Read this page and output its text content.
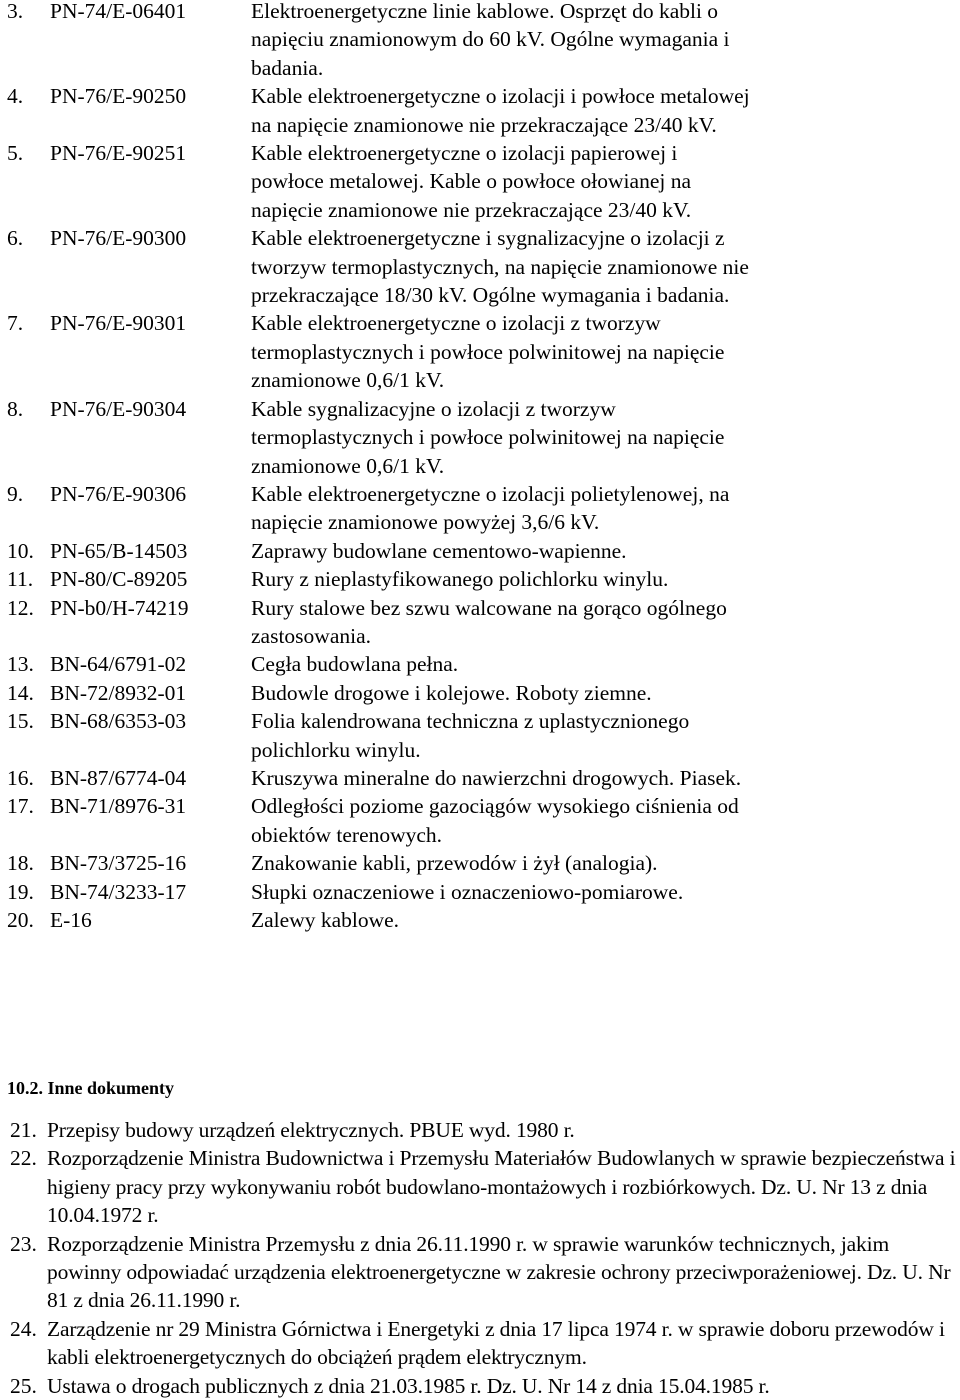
3.	PN-74/E-06401	Elektroenergetyczne linie kablowe. Osprzęt do kabli o napięciu znamionowym do 60 kV. Ogólne wymagania i badania.
4.	PN-76/E-90250	Kable elektroenergetyczne o izolacji i powłoce metalowej na napięcie znamionowe nie przekraczające 23/40 kV.
5.	PN-76/E-90251	Kable elektroenergetyczne o izolacji papierowej i powłoce metalowej. Kable o powłoce ołowianej na napięcie znamionowe nie przekraczające 23/40 kV.
6.	PN-76/E-90300	Kable elektroenergetyczne i sygnalizacyjne o izolacji z tworzyw termoplastycznych, na napięcie znamionowe nie przekraczające 18/30 kV. Ogólne wymagania i badania.
7.	PN-76/E-90301	Kable elektroenergetyczne o izolacji z tworzyw termoplastycznych i powłoce polwinitowej na napięcie znamionowe 0,6/1 kV.
8.	PN-76/E-90304	Kable sygnalizacyjne o izolacji z tworzyw termoplastycznych i powłoce polwinitowej na napięcie znamionowe 0,6/1 kV.
9.	PN-76/E-90306	Kable elektroenergetyczne o izolacji polietylenowej, na napięcie znamionowe powyżej 3,6/6 kV.
10. PN-65/B-14503	Zaprawy budowlane cementowo-wapienne.
11. PN-80/C-89205	Rury z nieplastyfikowanego polichlorku winylu.
12. PN-b0/H-74219	Rury stalowe bez szwu walcowane na gorąco ogólnego zastosowania.
13. BN-64/6791-02	Cegła budowlana pełna.
14. BN-72/8932-01	Budowle drogowe i kolejowe. Roboty ziemne.
15. BN-68/6353-03	Folia kalendrowana techniczna z uplastycznionego polichlorku winylu.
16. BN-87/6774-04	Kruszywa mineralne do nawierzchni drogowych. Piasek.
17. BN-71/8976-31	Odległości poziome gazociągów wysokiego ciśnienia od obiektów terenowych.
18. BN-73/3725-16	Znakowanie kabli, przewodów i żył (analogia).
19. BN-74/3233-17	Słupki oznaczeniowe i oznaczeniowo-pomiarowe.
20. E-16	Zalewy kablowe.
10.2. Inne dokumenty
21. Przepisy budowy urządzeń elektrycznych. PBUE wyd. 1980 r.
22. Rozporządzenie Ministra Budownictwa i Przemysłu Materiałów Budowlanych w sprawie bezpieczeństwa i higieny pracy przy wykonywaniu robót budowlano-montażowych i rozbiórkowych. Dz. U. Nr 13 z dnia 10.04.1972 r.
23. Rozporządzenie Ministra Przemysłu z dnia 26.11.1990 r. w sprawie warunków technicznych, jakim powinny odpowiadać urządzenia elektroenergetyczne w zakresie ochrony przeciwporażeniowej. Dz. U. Nr 81 z dnia 26.11.1990 r.
24. Zarządzenie nr 29 Ministra Górnictwa i Energetyki z dnia 17 lipca 1974 r. w sprawie doboru przewodów i kabli elektroenergetycznych do obciążeń prądem elektrycznym.
25. Ustawa o drogach publicznych z dnia 21.03.1985 r. Dz. U. Nr 14 z dnia 15.04.1985 r.
